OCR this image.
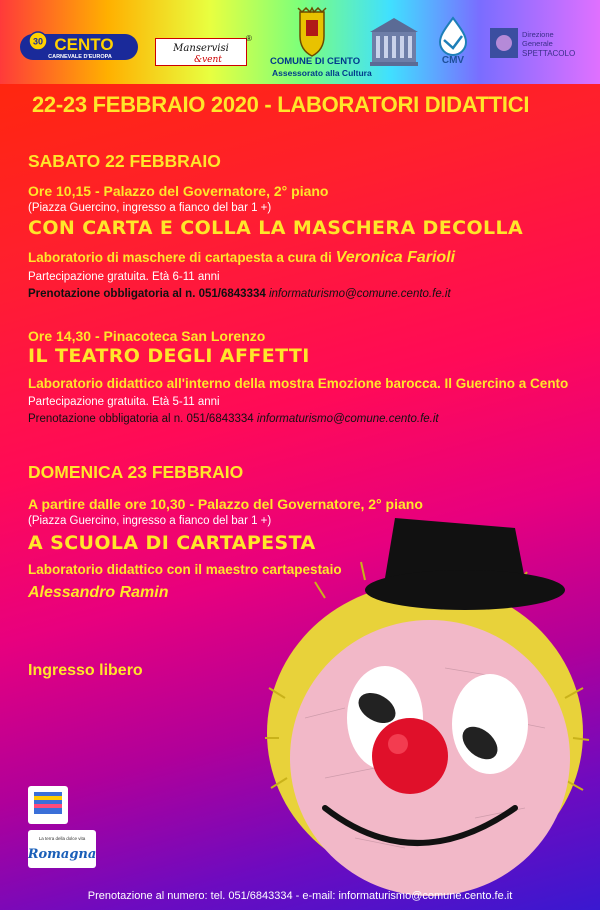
30 CENTO
CARNEVALE D'EUROPA
Manservisi
&vent
®
COMUNE DI CENTO
Assessorato alla Cultura
CMV
Direzione
Generale
SPETTACOLO
22-23 FEBBRAIO 2020 - LABORATORI DIDATTICI
SABATO 22 FEBBRAIO
Ore 10,15 - Palazzo del Governatore, 2° piano
(Piazza Guercino, ingresso a fianco del bar 1 +)
CON CARTA E COLLA LA MASCHERA DECOLLA
Laboratorio di maschere di cartapesta a cura di Veronica Farioli
Partecipazione gratuita. Età 6-11 anni
Prenotazione obbligatoria al n. 051/6843334 informaturismo@comune.cento.fe.it
Ore 14,30 - Pinacoteca San Lorenzo
IL TEATRO DEGLI AFFETTI
Laboratorio didattico all'interno della mostra Emozione barocca. Il Guercino a Cento
Partecipazione gratuita. Età 5-11 anni
Prenotazione obbligatoria al n. 051/6843334 informaturismo@comune.cento.fe.it
DOMENICA 23 FEBBRAIO
A partire dalle ore 10,30 - Palazzo del Governatore, 2° piano
(Piazza Guercino, ingresso a fianco del bar 1 +)
A SCUOLA DI CARTAPESTA
Laboratorio didattico con il maestro cartapestaio
Alessandro Ramin
Ingresso libero
La terra della dolce vita
Romagna
Prenotazione al numero: tel. 051/6843334 - e-mail: informaturismo@comune.cento.fe.it
